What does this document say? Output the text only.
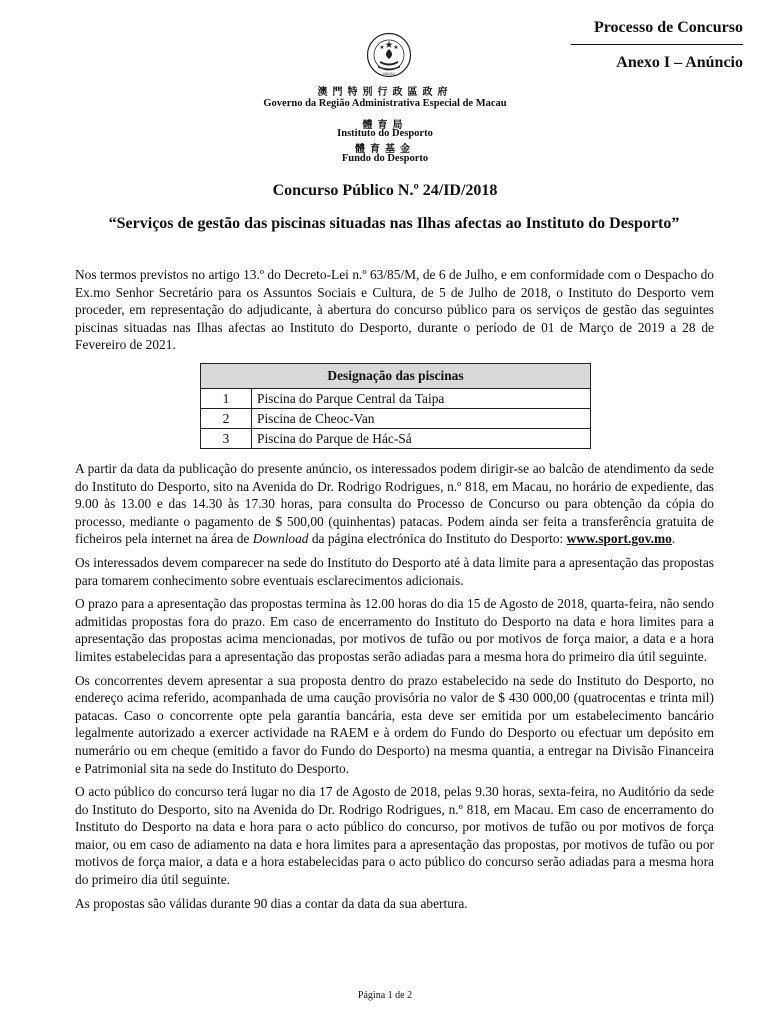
Processo de Concurso
Anexo I – Anúncio
MACAU
澳門特別行政區政府
Governo da Região Administrativa Especial de Macau
體育局
Instituto do Desporto
體育基金
Fundo do Desporto
Concurso Público N.º 24/ID/2018
“Serviços de gestão das piscinas situadas nas Ilhas afectas ao Instituto do Desporto”

Nos termos previstos no artigo 13.º do Decreto-Lei n.º 63/85/M, de 6 de Julho, e em conformidade com o Despacho do Ex.mo Senhor Secretário para os Assuntos Sociais e Cultura, de 5 de Julho de 2018, o Instituto do Desporto vem proceder, em representação do adjudicante, à abertura do concurso público para os serviços de gestão das seguintes piscinas situadas nas Ilhas afectas ao Instituto do Desporto, durante o período de 01 de Março de 2019 a 28 de Fevereiro de 2021.

Designação das piscinas	
1	Piscina do Parque Central da Taipa
2	Piscina de Cheoc-Van
3	Piscina do Parque de Hác-Sá

A partir da data da publicação do presente anúncio, os interessados podem dirigir-se ao balcão de atendimento da sede do Instituto do Desporto, sito na Avenida do Dr. Rodrigo Rodrigues, n.º 818, em Macau, no horário de expediente, das 9.00 às 13.00 e das 14.30 às 17.30 horas, para consulta do Processo de Concurso ou para obtenção da cópia do processo, mediante o pagamento de $ 500,00 (quinhentas) patacas. Podem ainda ser feita a transferência gratuita de ficheiros pela internet na área de Download da página electrónica do Instituto do Desporto: www.sport.gov.mo.

Os interessados devem comparecer na sede do Instituto do Desporto até à data limite para a apresentação das propostas para tomarem conhecimento sobre eventuais esclarecimentos adicionais.

O prazo para a apresentação das propostas termina às 12.00 horas do dia 15 de Agosto de 2018, quarta-feira, não sendo admitidas propostas fora do prazo. Em caso de encerramento do Instituto do Desporto na data e hora limites para a apresentação das propostas acima mencionadas, por motivos de tufão ou por motivos de força maior, a data e a hora limites estabelecidas para a apresentação das propostas serão adiadas para a mesma hora do primeiro dia útil seguinte.

Os concorrentes devem apresentar a sua proposta dentro do prazo estabelecido na sede do Instituto do Desporto, no endereço acima referido, acompanhada de uma caução provisória no valor de $ 430 000,00 (quatrocentas e trinta mil) patacas. Caso o concorrente opte pela garantia bancária, esta deve ser emitida por um estabelecimento bancário legalmente autorizado a exercer actividade na RAEM e à ordem do Fundo do Desporto ou efectuar um depósito em numerário ou em cheque (emitido a favor do Fundo do Desporto) na mesma quantia, a entregar na Divisão Financeira e Patrimonial sita na sede do Instituto do Desporto.

O acto público do concurso terá lugar no dia 17 de Agosto de 2018, pelas 9.30 horas, sexta-feira, no Auditório da sede do Instituto do Desporto, sito na Avenida do Dr. Rodrigo Rodrigues, n.º 818, em Macau. Em caso de encerramento do Instituto do Desporto na data e hora para o acto público do concurso, por motivos de tufão ou por motivos de força maior, ou em caso de adiamento na data e hora limites para a apresentação das propostas, por motivos de tufão ou por motivos de força maior, a data e a hora estabelecidas para o acto público do concurso serão adiadas para a mesma hora do primeiro dia útil seguinte.

As propostas são válidas durante 90 dias a contar da data da sua abertura.

Página 1 de 2
